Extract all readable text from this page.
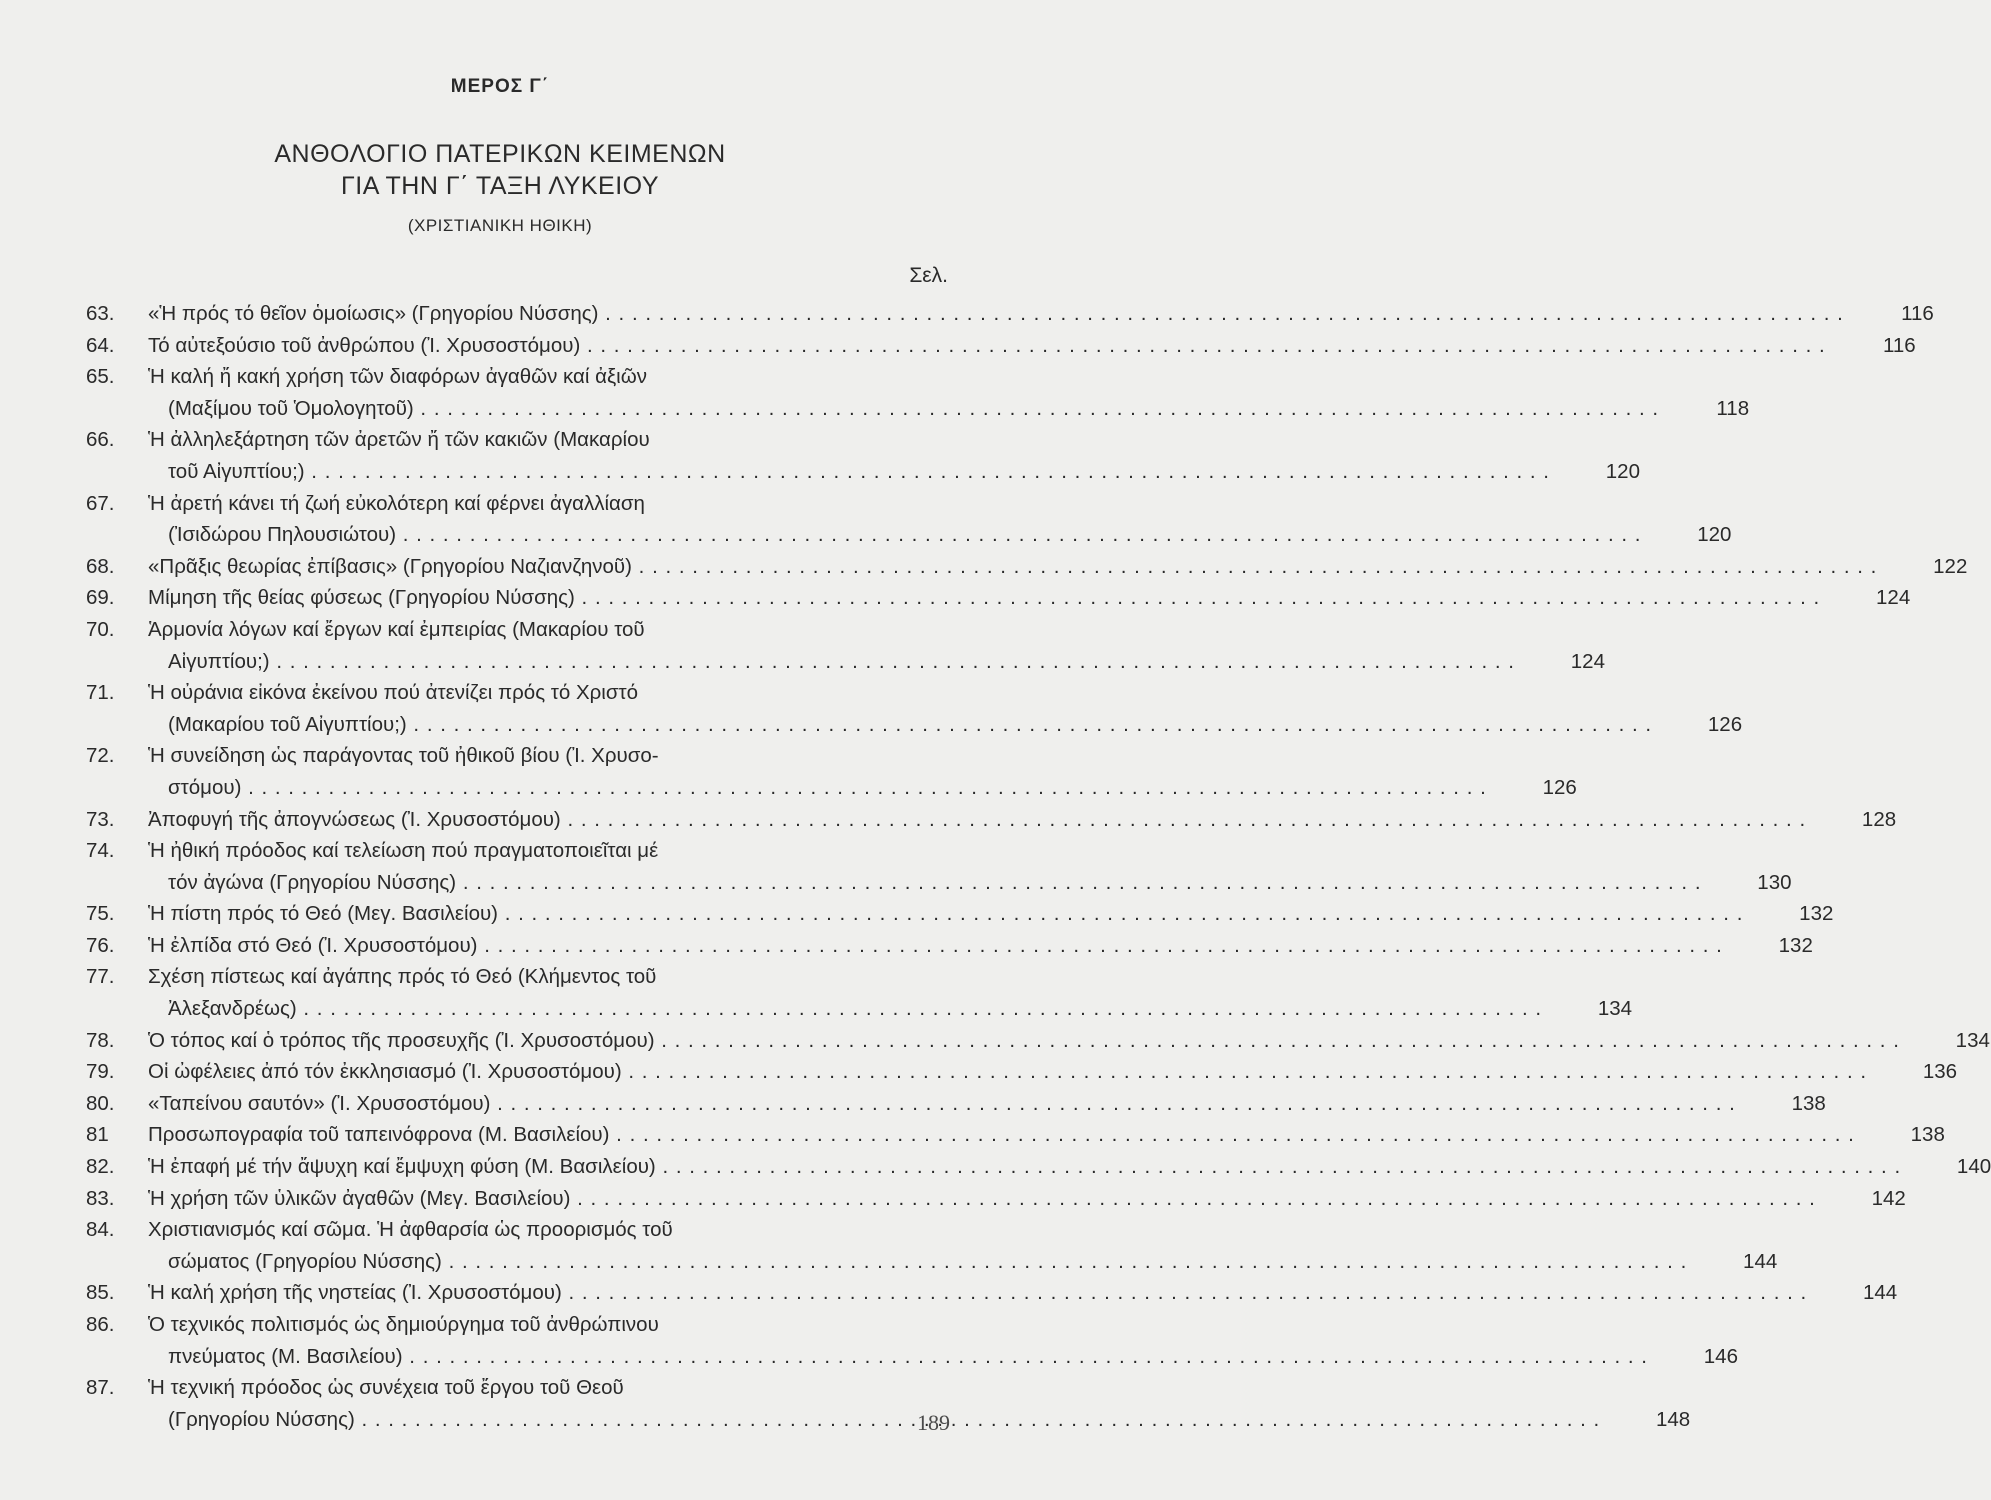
ΜΕΡΟΣ Γ΄
ΑΝΘΟΛΟΓΙΟ ΠΑΤΕΡΙΚΩΝ ΚΕΙΜΕΝΩΝ
ΓΙΑ ΤΗΝ Γ΄ ΤΑΞΗ ΛΥΚΕΙΟΥ
(ΧΡΙΣΤΙΑΝΙΚΗ ΗΘΙΚΗ)
Σελ.
63.	«Ἡ πρός τό θεῖον ὁμοίωσις» (Γρηγορίου Νύσσης) . . .	116
64.	Τό αὐτεξούσιο τοῦ ἀνθρώπου (Ἰ. Χρυσοστόμου) . . .	116
65.	Ἡ καλή ἤ κακή χρήση τῶν διαφόρων ἀγαθῶν καί ἀξιῶν
(Μαξίμου τοῦ Ὁμολογητοῦ) . . .	118
66.	Ἡ ἀλληλεξάρτηση τῶν ἀρετῶν ἤ τῶν κακιῶν (Μακαρίου
τοῦ Αἰγυπτίου;) . . .	120
67.	Ἡ ἀρετή κάνει τή ζωή εὐκολότερη καί φέρνει ἀγαλλίαση
(Ἰσιδώρου Πηλουσιώτου) . . .	120
68.	«Πρᾶξις θεωρίας ἐπίβασις» (Γρηγορίου Ναζιανζηνοῦ) . . .	122
69.	Μίμηση τῆς θείας φύσεως (Γρηγορίου Νύσσης) . . .	124
70.	Ἁρμονία λόγων καί ἔργων καί ἐμπειρίας (Μακαρίου τοῦ
Αἰγυπτίου;) . . .	124
71.	Ἡ οὐράνια εἰκόνα ἐκείνου πού ἀτενίζει πρός τό Χριστό
(Μακαρίου τοῦ Αἰγυπτίου;) . . .	126
72.	Ἡ συνείδηση ὡς παράγοντας τοῦ ἠθικοῦ βίου (Ἰ. Χρυσο-
στόμου) . . .	126
73.	Ἀποφυγή τῆς ἀπογνώσεως (Ἰ. Χρυσοστόμου) . . .	128
74.	Ἡ ἠθική πρόοδος καί τελείωση πού πραγματοποιεῖται μέ
τόν ἀγώνα (Γρηγορίου Νύσσης) . . .	130
75.	Ἡ πίστη πρός τό Θεό (Μεγ. Βασιλείου) . . .	132
76.	Ἡ ἐλπίδα στό Θεό (Ἰ. Χρυσοστόμου) . . .	132
77.	Σχέση πίστεως καί ἀγάπης πρός τό Θεό (Κλήμεντος τοῦ
Ἀλεξανδρέως) . . .	134
78.	Ὁ τόπος καί ὁ τρόπος τῆς προσευχῆς (Ἰ. Χρυσοστόμου) . . .	134
79.	Οἱ ὠφέλειες ἀπό τόν ἐκκλησιασμό (Ἰ. Χρυσοστόμου) . . .	136
80.	«Ταπείνου σαυτόν» (Ἰ. Χρυσοστόμου) . . .	138
81	Προσωπογραφία τοῦ ταπεινόφρονα (Μ. Βασιλείου) . . .	138
82.	Ἡ ἐπαφή μέ τήν ἄψυχη καί ἔμψυχη φύση (Μ. Βασιλείου) . . .	140
83.	Ἡ χρήση τῶν ὑλικῶν ἀγαθῶν (Μεγ. Βασιλείου) . . .	142
84.	Χριστιανισμός καί σῶμα. Ἡ ἀφθαρσία ὡς προορισμός τοῦ
σώματος (Γρηγορίου Νύσσης) . . .	144
85.	Ἡ καλή χρήση τῆς νηστείας (Ἰ. Χρυσοστόμου) . . .	144
86.	Ὁ τεχνικός πολιτισμός ὡς δημιούργημα τοῦ ἀνθρώπινου
πνεύματος (Μ. Βασιλείου) . . .	146
87.	Ἡ τεχνική πρόοδος ὡς συνέχεια τοῦ ἔργου τοῦ Θεοῦ
(Γρηγορίου Νύσσης) . . .	148
189
